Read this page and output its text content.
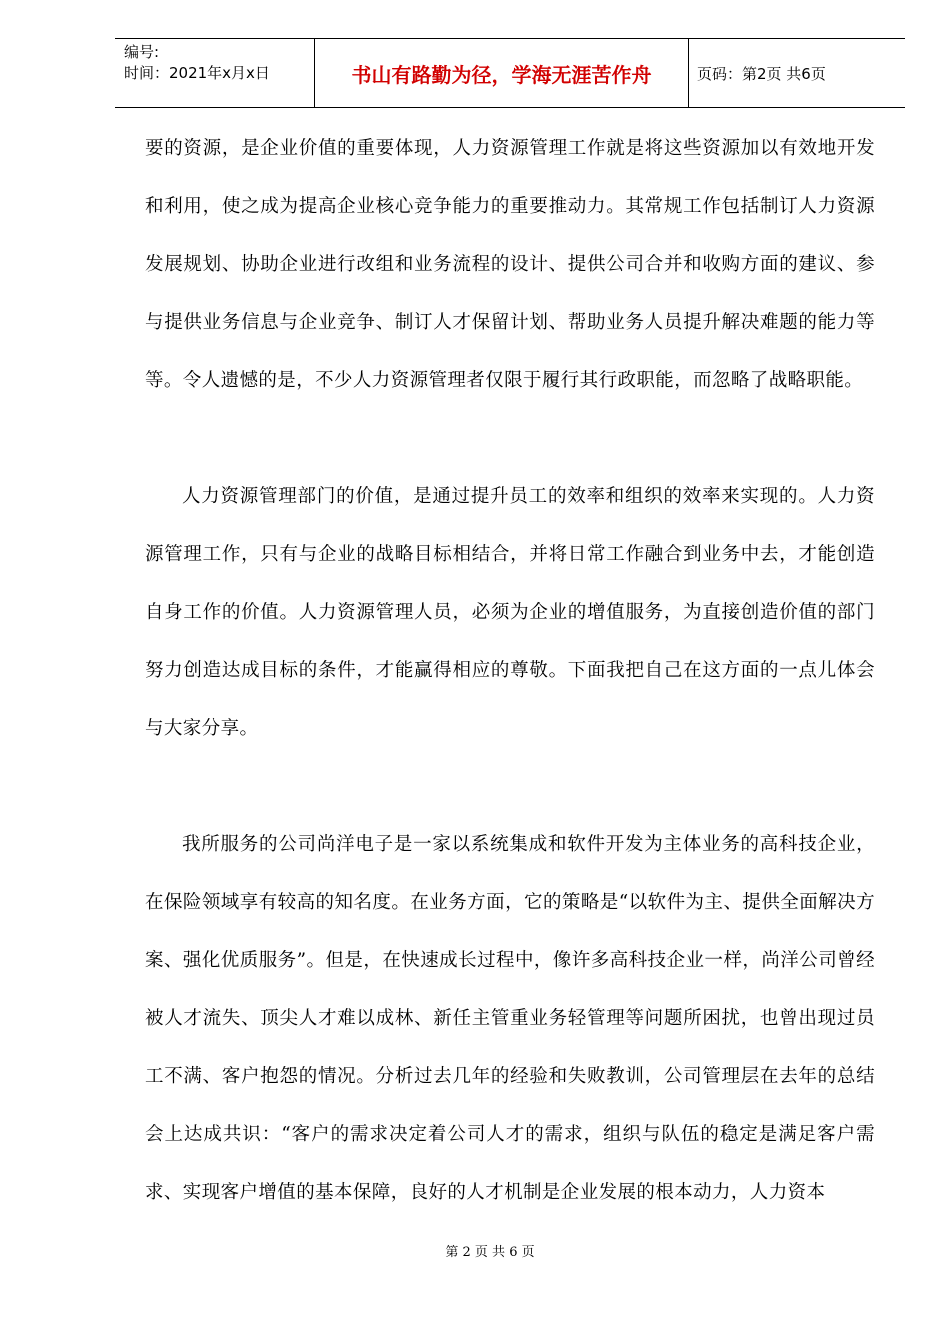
编号:
时间：2021年x月x日	书山有路勤为径，学海无涯苦作舟	页码：第2页 共6页

要的资源，是企业价值的重要体现，人力资源管理工作就是将这些资源加以有效地开发和利用，使之成为提高企业核心竞争能力的重要推动力。其常规工作包括制订人力资源发展规划、协助企业进行改组和业务流程的设计、提供公司合并和收购方面的建议、参与提供业务信息与企业竞争、制订人才保留计划、帮助业务人员提升解决难题的能力等等。令人遗憾的是，不少人力资源管理者仅限于履行其行政职能，而忽略了战略职能。

人力资源管理部门的价值，是通过提升员工的效率和组织的效率来实现的。人力资源管理工作，只有与企业的战略目标相结合，并将日常工作融合到业务中去，才能创造自身工作的价值。人力资源管理人员，必须为企业的增值服务，为直接创造价值的部门努力创造达成目标的条件，才能赢得相应的尊敬。下面我把自己在这方面的一点儿体会与大家分享。

我所服务的公司尚洋电子是一家以系统集成和软件开发为主体业务的高科技企业，在保险领域享有较高的知名度。在业务方面，它的策略是“以软件为主、提供全面解决方案、强化优质服务”。但是，在快速成长过程中，像许多高科技企业一样，尚洋公司曾经被人才流失、顶尖人才难以成林、新任主管重业务轻管理等问题所困扰，也曾出现过员工不满、客户抱怨的情况。分析过去几年的经验和失败教训，公司管理层在去年的总结会上达成共识：“客户的需求决定着公司人才的需求，组织与队伍的稳定是满足客户需求、实现客户增值的基本保障，良好的人才机制是企业发展的根本动力，人力资本

第 2 页 共 6 页
